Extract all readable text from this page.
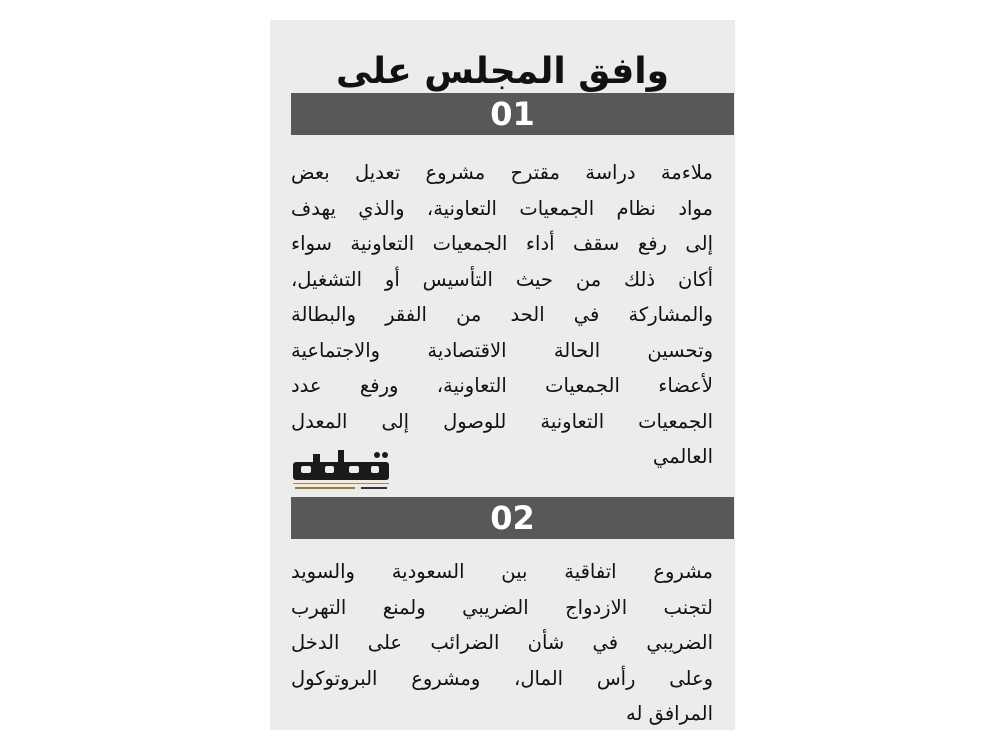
وافق المجلس على
01
ملاءمة دراسة مقترح مشروع تعديل بعض
مواد نظام الجمعيات التعاونية، والذي يهدف
إلى رفع سقف أداء الجمعيات التعاونية سواء
أكان ذلك من حيث التأسيس أو التشغيل،
والمشاركة في الحد من الفقر والبطالة
وتحسين الحالة الاقتصادية والاجتماعية
لأعضاء الجمعيات التعاونية، ورفع عدد
الجمعيات التعاونية للوصول إلى المعدل
العالمي
02
مشروع اتفاقية بين السعودية والسويد
لتجنب الازدواج الضريبي ولمنع التهرب
الضريبي في شأن الضرائب على الدخل
وعلى رأس المال، ومشروع البروتوكول
المرافق له
